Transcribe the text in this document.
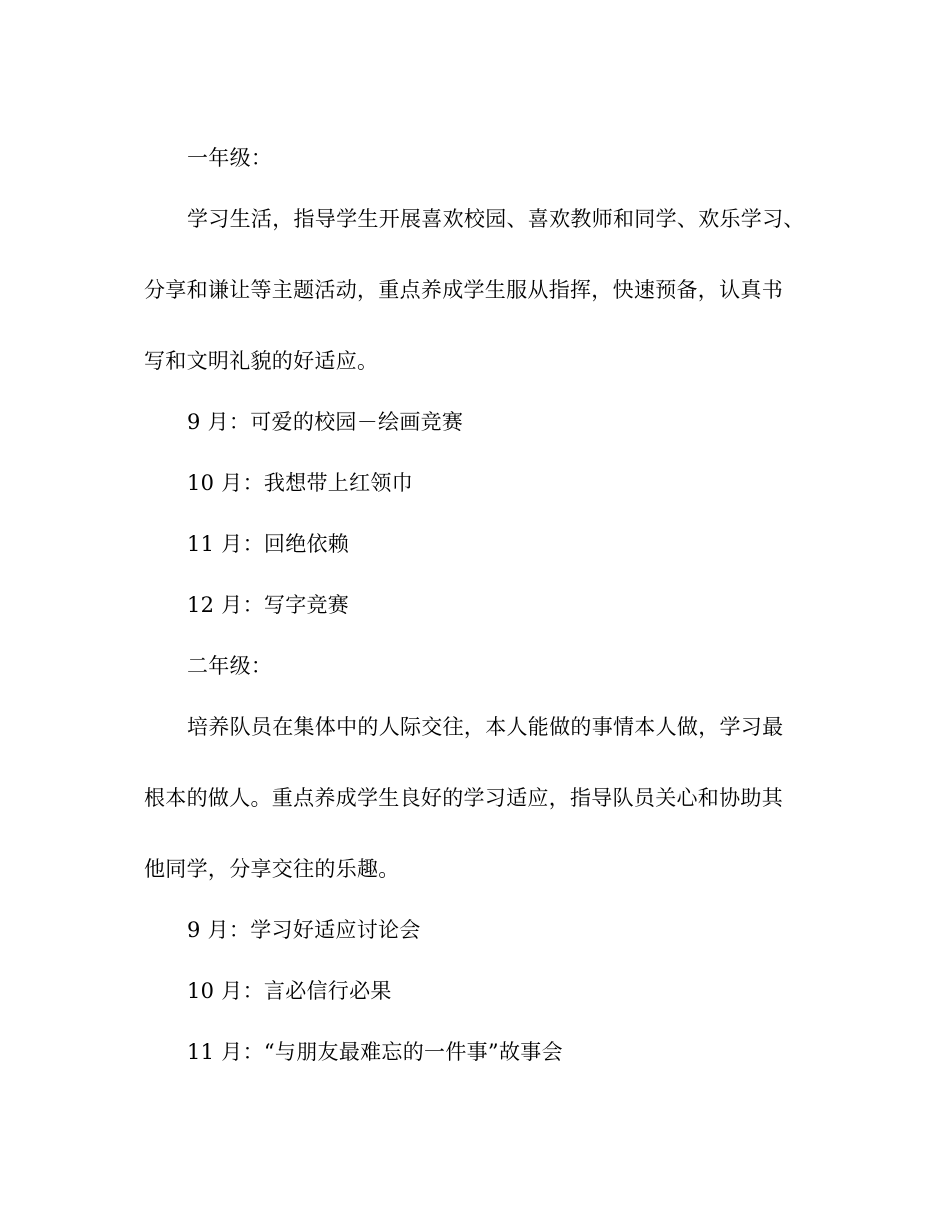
一年级：
学习生活，指导学生开展喜欢校园、喜欢教师和同学、欢乐学习、
分享和谦让等主题活动，重点养成学生服从指挥，快速预备，认真书
写和文明礼貌的好适应。
9 月：可爱的校园－绘画竞赛
10 月：我想带上红领巾
11 月：回绝依赖
12 月：写字竞赛
二年级：
培养队员在集体中的人际交往，本人能做的事情本人做，学习最
根本的做人。重点养成学生良好的学习适应，指导队员关心和协助其
他同学，分享交往的乐趣。
9 月：学习好适应讨论会
10 月：言必信行必果
11 月：“与朋友最难忘的一件事”故事会
